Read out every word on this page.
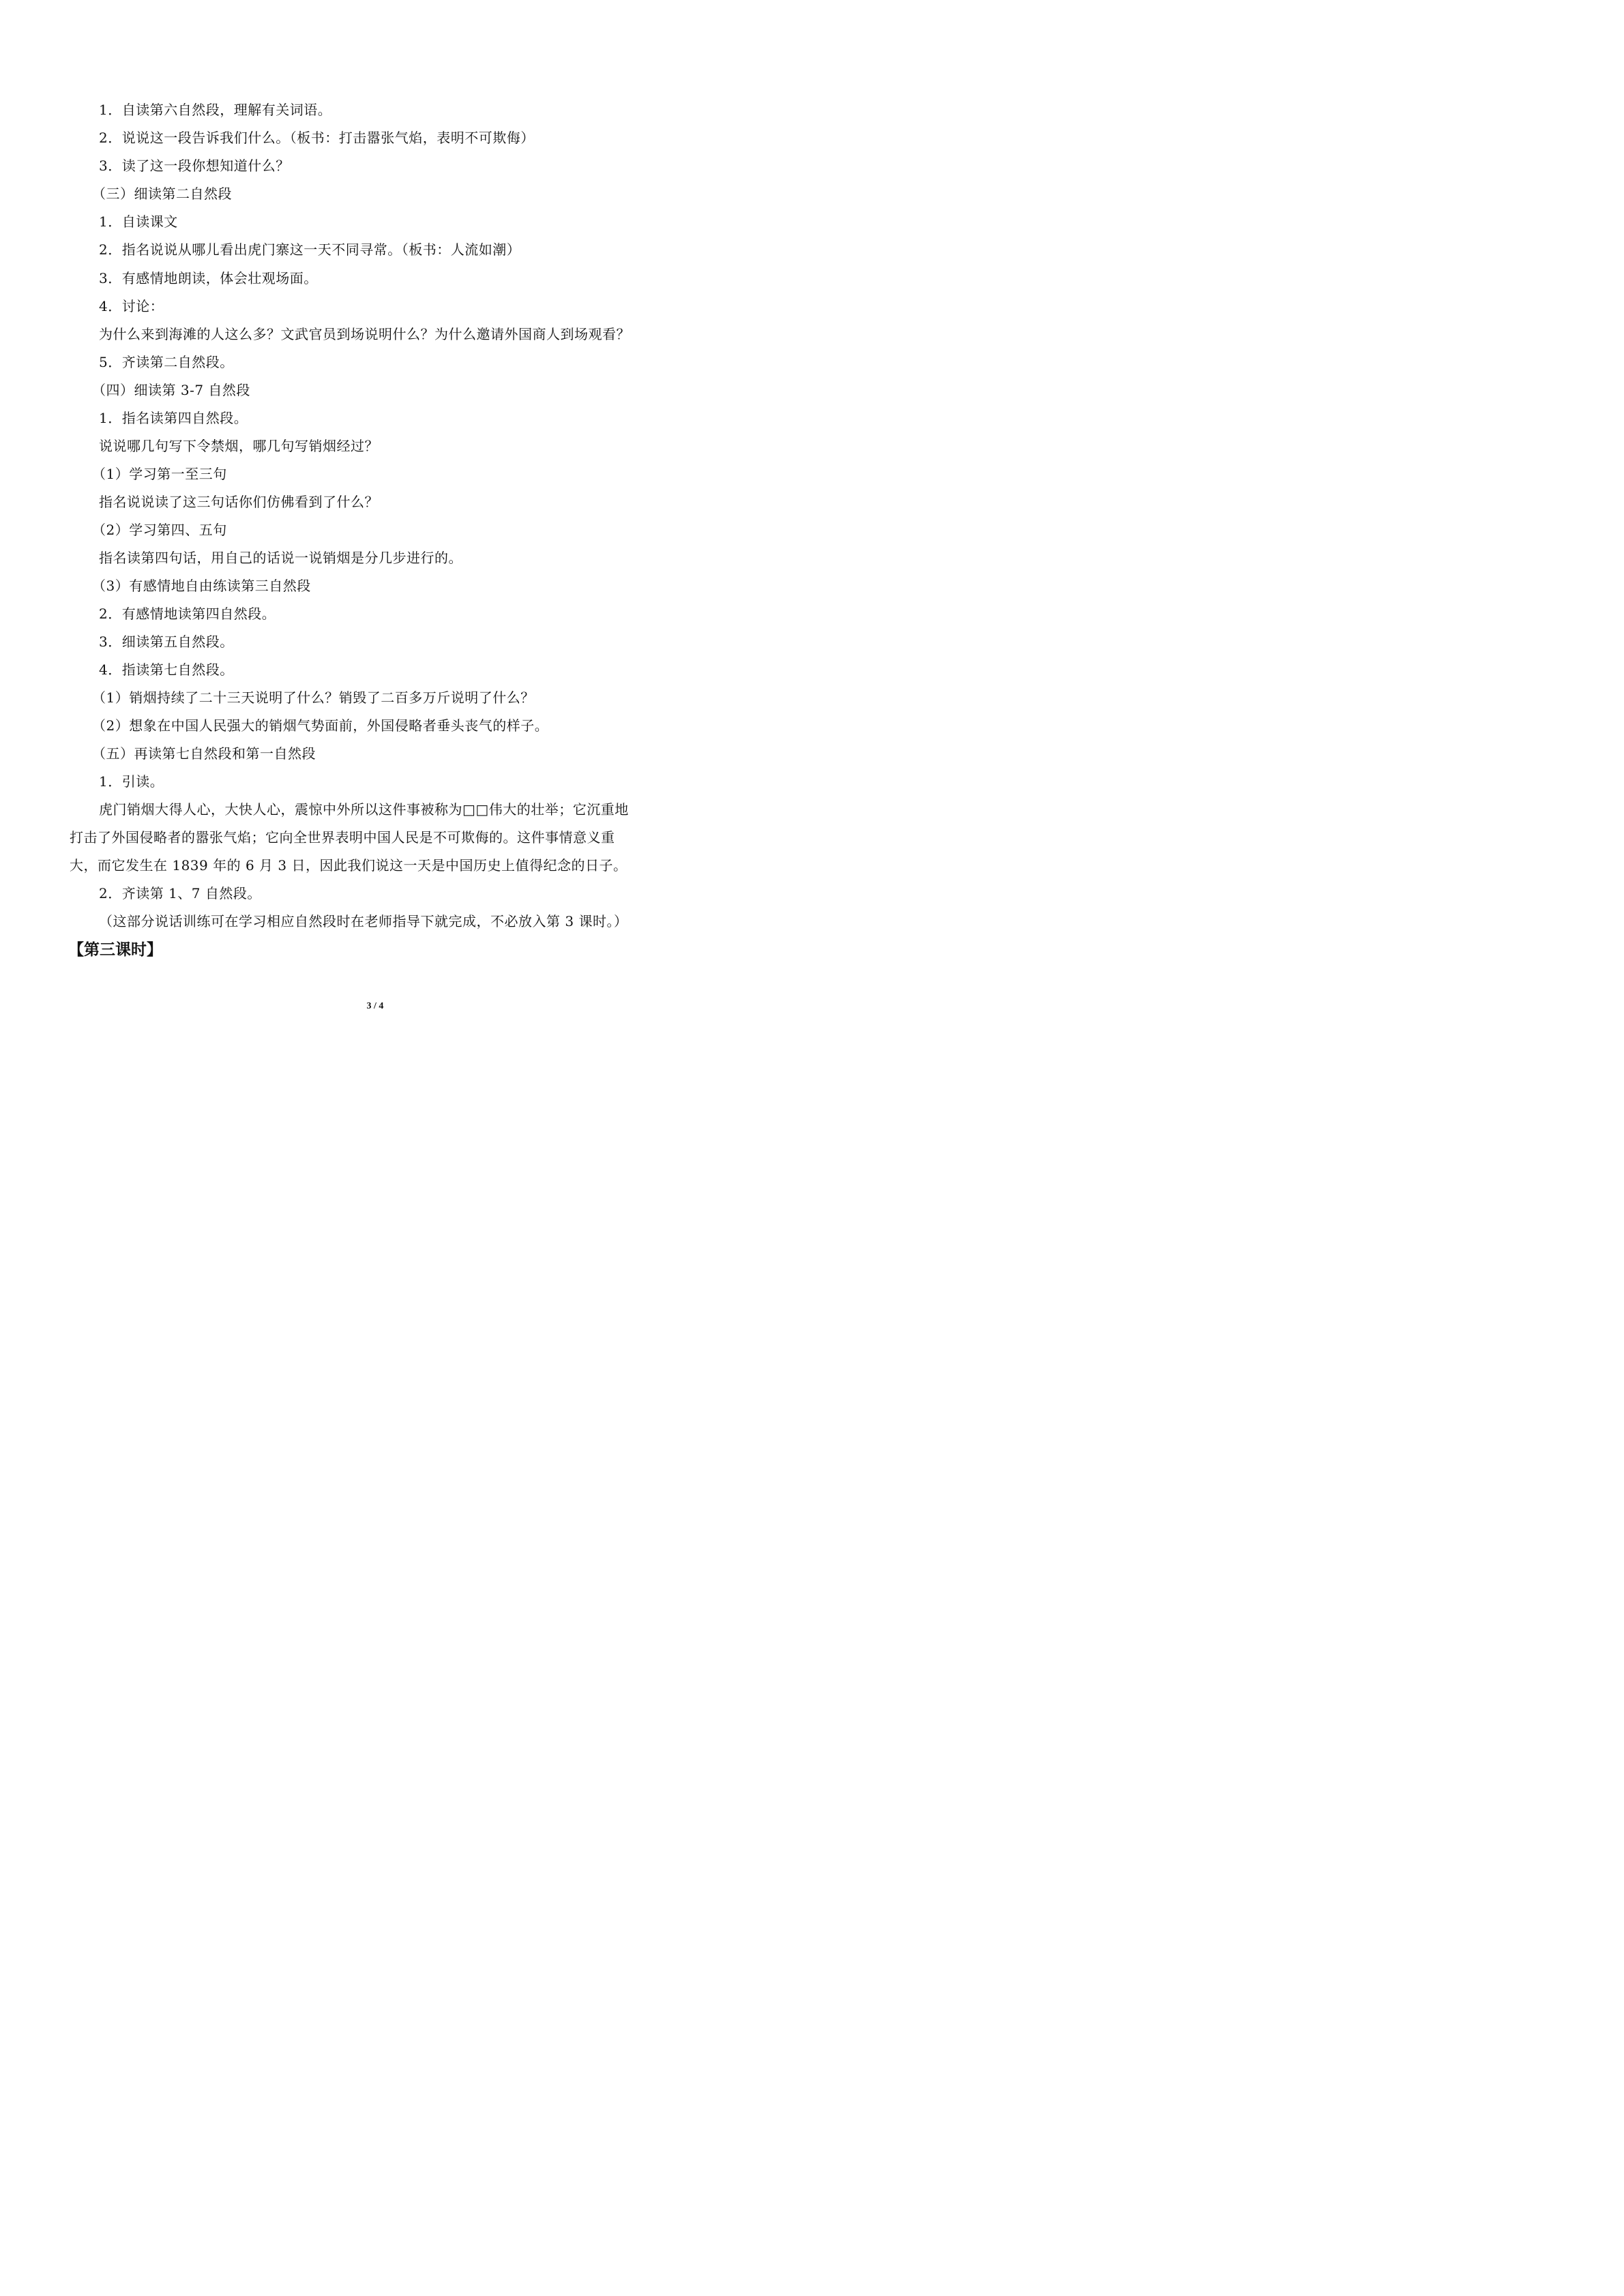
1．自读第六自然段，理解有关词语。
2．说说这一段告诉我们什么。（板书：打击嚣张气焰，表明不可欺侮）
3．读了这一段你想知道什么？
（三）细读第二自然段
1．自读课文
2．指名说说从哪儿看出虎门寨这一天不同寻常。（板书：人流如潮）
3．有感情地朗读，体会壮观场面。
4．讨论：
为什么来到海滩的人这么多？文武官员到场说明什么？为什么邀请外国商人到场观看？
5．齐读第二自然段。
（四）细读第 3-7 自然段
1．指名读第四自然段。
说说哪几句写下令禁烟，哪几句写销烟经过？
（1）学习第一至三句
指名说说读了这三句话你们仿佛看到了什么？
（2）学习第四、五句
指名读第四句话，用自己的话说一说销烟是分几步进行的。
（3）有感情地自由练读第三自然段
2．有感情地读第四自然段。
3．细读第五自然段。
4．指读第七自然段。
（1）销烟持续了二十三天说明了什么？销毁了二百多万斤说明了什么？
（2）想象在中国人民强大的销烟气势面前，外国侵略者垂头丧气的样子。
（五）再读第七自然段和第一自然段
1．引读。
虎门销烟大得人心，大快人心，震惊中外所以这件事被称为□□伟大的壮举；它沉重地
打击了外国侵略者的嚣张气焰；它向全世界表明中国人民是不可欺侮的。这件事情意义重
大，而它发生在 1839 年的 6 月 3 日，因此我们说这一天是中国历史上值得纪念的日子。
2．齐读第 1、7 自然段。
（这部分说话训练可在学习相应自然段时在老师指导下就完成，不必放入第 3 课时。）
【第三课时】
3 / 4
